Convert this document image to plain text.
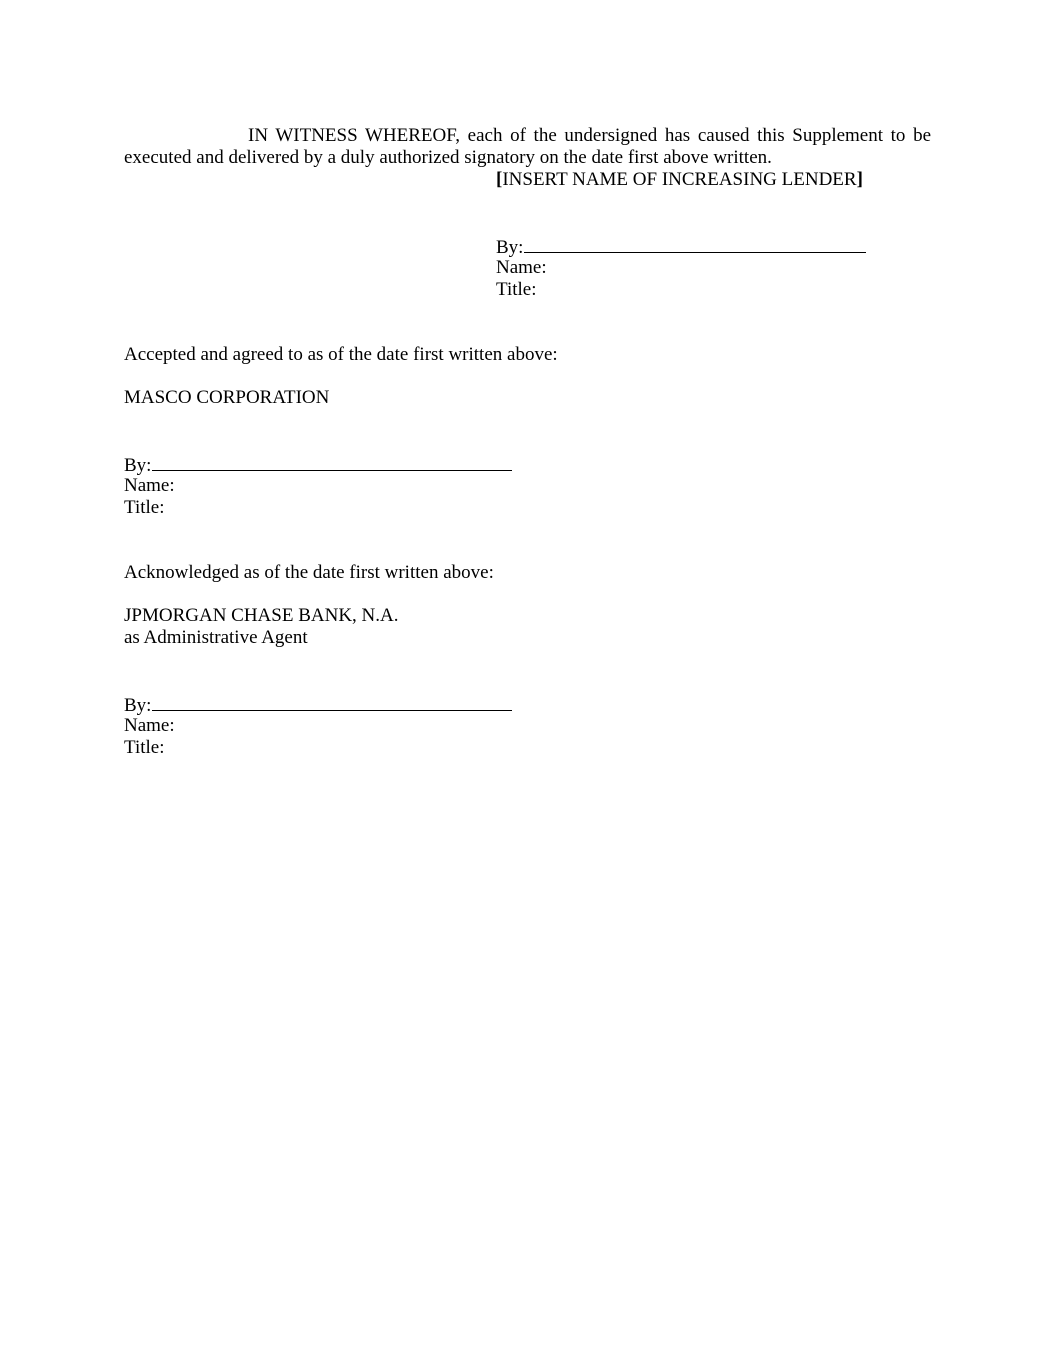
IN WITNESS WHEREOF, each of the undersigned has caused this Supplement to be executed and delivered by a duly authorized signatory on the date first above written.
[INSERT NAME OF INCREASING LENDER]
By:
Name:
Title:
Accepted and agreed to as of the date first written above:
MASCO CORPORATION
By:
Name:
Title:
Acknowledged as of the date first written above:
JPMORGAN CHASE BANK, N.A.
as Administrative Agent
By:
Name:
Title:
